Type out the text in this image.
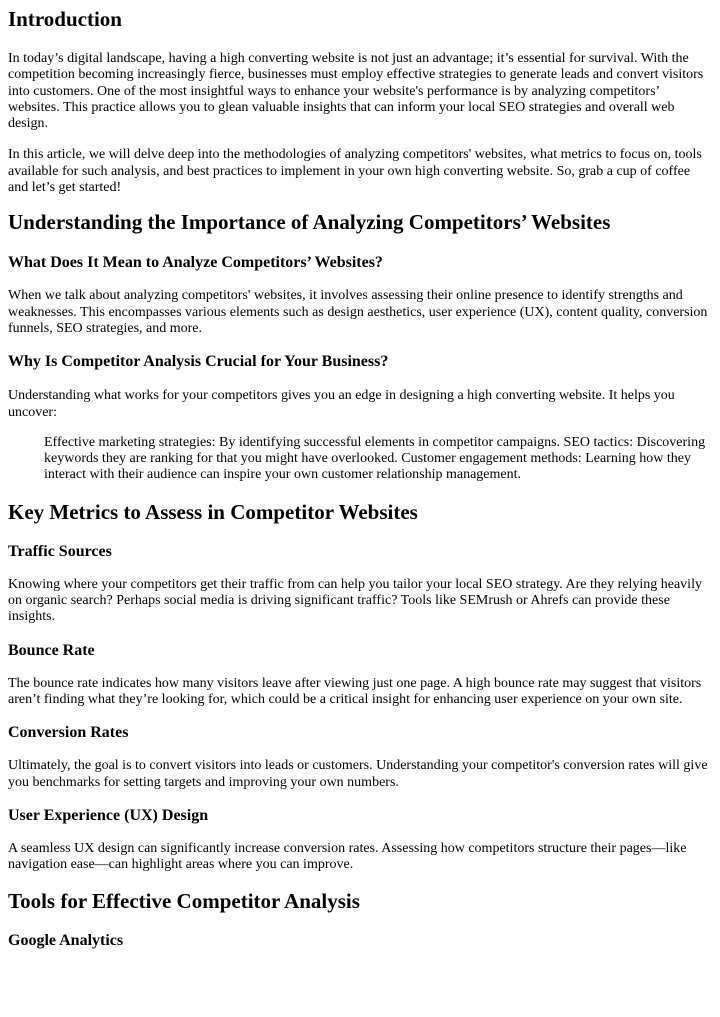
Introduction

In today’s digital landscape, having a high converting website is not just an advantage; it’s essential for survival. With the competition becoming increasingly fierce, businesses must employ effective strategies to generate leads and convert visitors into customers. One of the most insightful ways to enhance your website's performance is by analyzing competitors’ websites. This practice allows you to glean valuable insights that can inform your local SEO strategies and overall web design.

In this article, we will delve deep into the methodologies of analyzing competitors' websites, what metrics to focus on, tools available for such analysis, and best practices to implement in your own high converting website. So, grab a cup of coffee and let’s get started!

Understanding the Importance of Analyzing Competitors’ Websites
What Does It Mean to Analyze Competitors’ Websites?

When we talk about analyzing competitors' websites, it involves assessing their online presence to identify strengths and weaknesses. This encompasses various elements such as design aesthetics, user experience (UX), content quality, conversion funnels, SEO strategies, and more.

Why Is Competitor Analysis Crucial for Your Business?

Understanding what works for your competitors gives you an edge in designing a high converting website. It helps you uncover:

Effective marketing strategies: By identifying successful elements in competitor campaigns. SEO tactics: Discovering keywords they are ranking for that you might have overlooked. Customer engagement methods: Learning how they interact with their audience can inspire your own customer relationship management.

Key Metrics to Assess in Competitor Websites
Traffic Sources

Knowing where your competitors get their traffic from can help you tailor your local SEO strategy. Are they relying heavily on organic search? Perhaps social media is driving significant traffic? Tools like SEMrush or Ahrefs can provide these insights.

Bounce Rate

The bounce rate indicates how many visitors leave after viewing just one page. A high bounce rate may suggest that visitors aren’t finding what they’re looking for, which could be a critical insight for enhancing user experience on your own site.

Conversion Rates

Ultimately, the goal is to convert visitors into leads or customers. Understanding your competitor's conversion rates will give you benchmarks for setting targets and improving your own numbers.

User Experience (UX) Design

A seamless UX design can significantly increase conversion rates. Assessing how competitors structure their pages—like navigation ease—can highlight areas where you can improve.

Tools for Effective Competitor Analysis
Google Analytics
